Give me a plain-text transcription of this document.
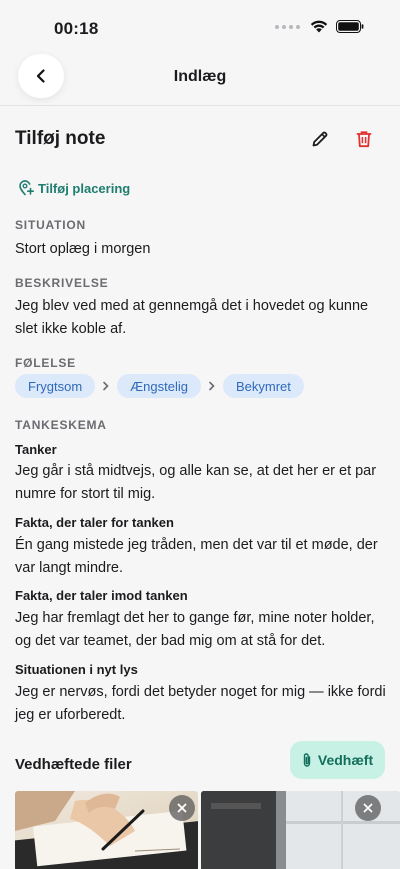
00:18
Indlæg
Tilføj note
Tilføj placering
SITUATION
Stort oplæg i morgen
BESKRIVELSE
Jeg blev ved med at gennemgå det i hovedet og kunne slet ikke koble af.
FØLELSE
Frygtsom	Ængstelig	Bekymret
TANKESKEMA
Tanker
Jeg går i stå midtvejs, og alle kan se, at det her er et par numre for stort til mig.
Fakta, der taler for tanken
Én gang mistede jeg tråden, men det var til et møde, der var langt mindre.
Fakta, der taler imod tanken
Jeg har fremlagt det her to gange før, mine noter holder, og det var teamet, der bad mig om at stå for det.
Situationen i nyt lys
Jeg er nervøs, fordi det betyder noget for mig — ikke fordi jeg er uforberedt.
Vedhæftede filer	Vedhæft
